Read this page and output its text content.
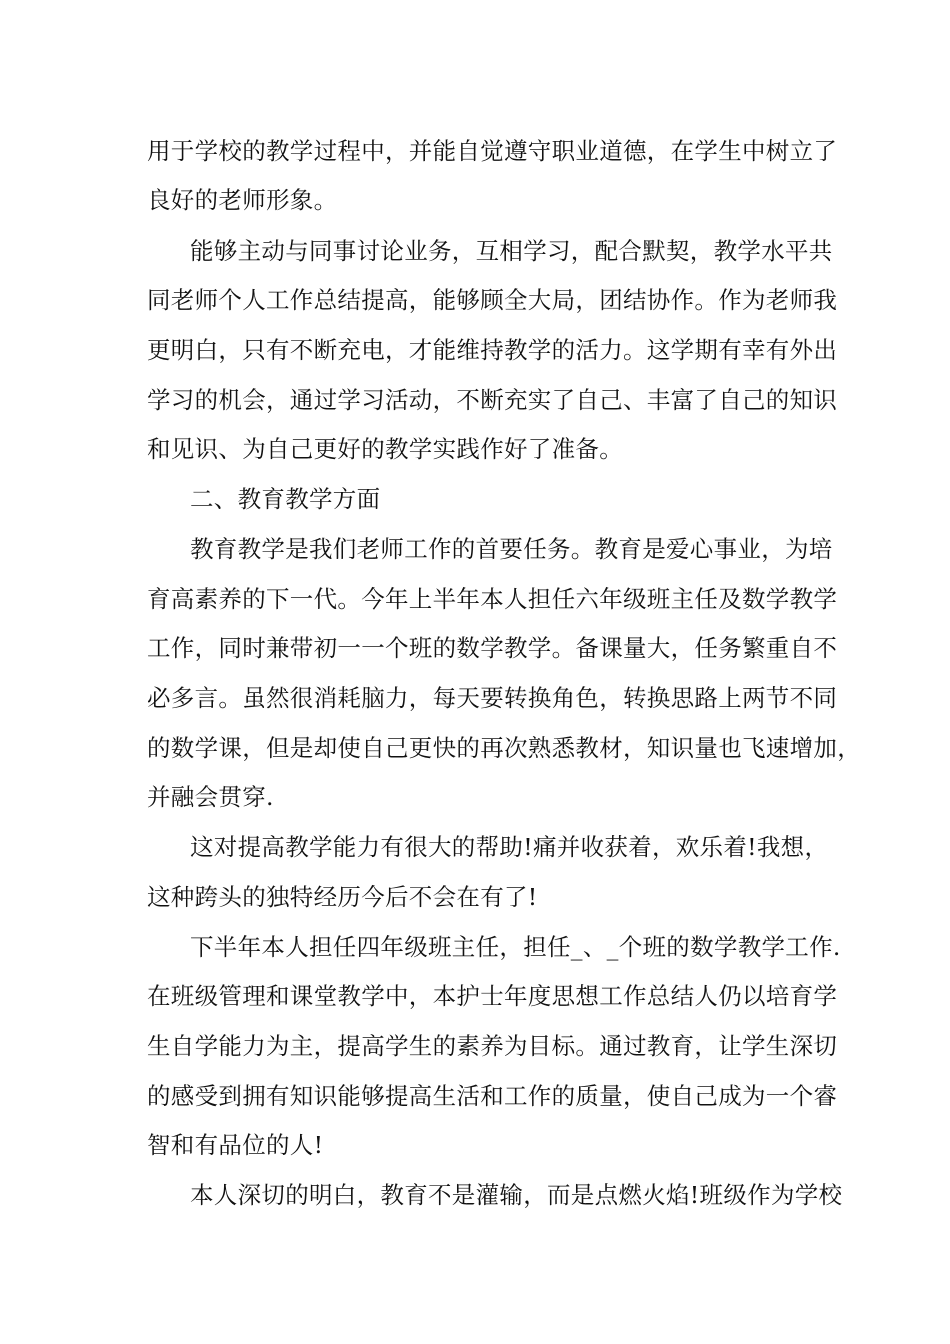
用于学校的教学过程中，并能自觉遵守职业道德，在学生中树立了
良好的老师形象。
能够主动与同事讨论业务，互相学习，配合默契，教学水平共
同老师个人工作总结提高，能够顾全大局，团结协作。作为老师我
更明白，只有不断充电，才能维持教学的活力。这学期有幸有外出
学习的机会，通过学习活动，不断充实了自己、丰富了自己的知识
和见识、为自己更好的教学实践作好了准备。
二、教育教学方面
教育教学是我们老师工作的首要任务。教育是爱心事业，为培
育高素养的下一代。今年上半年本人担任六年级班主任及数学教学
工作，同时兼带初一一个班的数学教学。备课量大，任务繁重自不
必多言。虽然很消耗脑力，每天要转换角色，转换思路上两节不同
的数学课，但是却使自己更快的再次熟悉教材，知识量也飞速增加，
并融会贯穿.
这对提高教学能力有很大的帮助!痛并收获着，欢乐着!我想，
这种跨头的独特经历今后不会在有了!
下半年本人担任四年级班主任，担任_、_个班的数学教学工作.
在班级管理和课堂教学中，本护士年度思想工作总结人仍以培育学
生自学能力为主，提高学生的素养为目标。通过教育，让学生深切
的感受到拥有知识能够提高生活和工作的质量，使自己成为一个睿
智和有品位的人!
本人深切的明白，教育不是灌输，而是点燃火焰!班级作为学校
